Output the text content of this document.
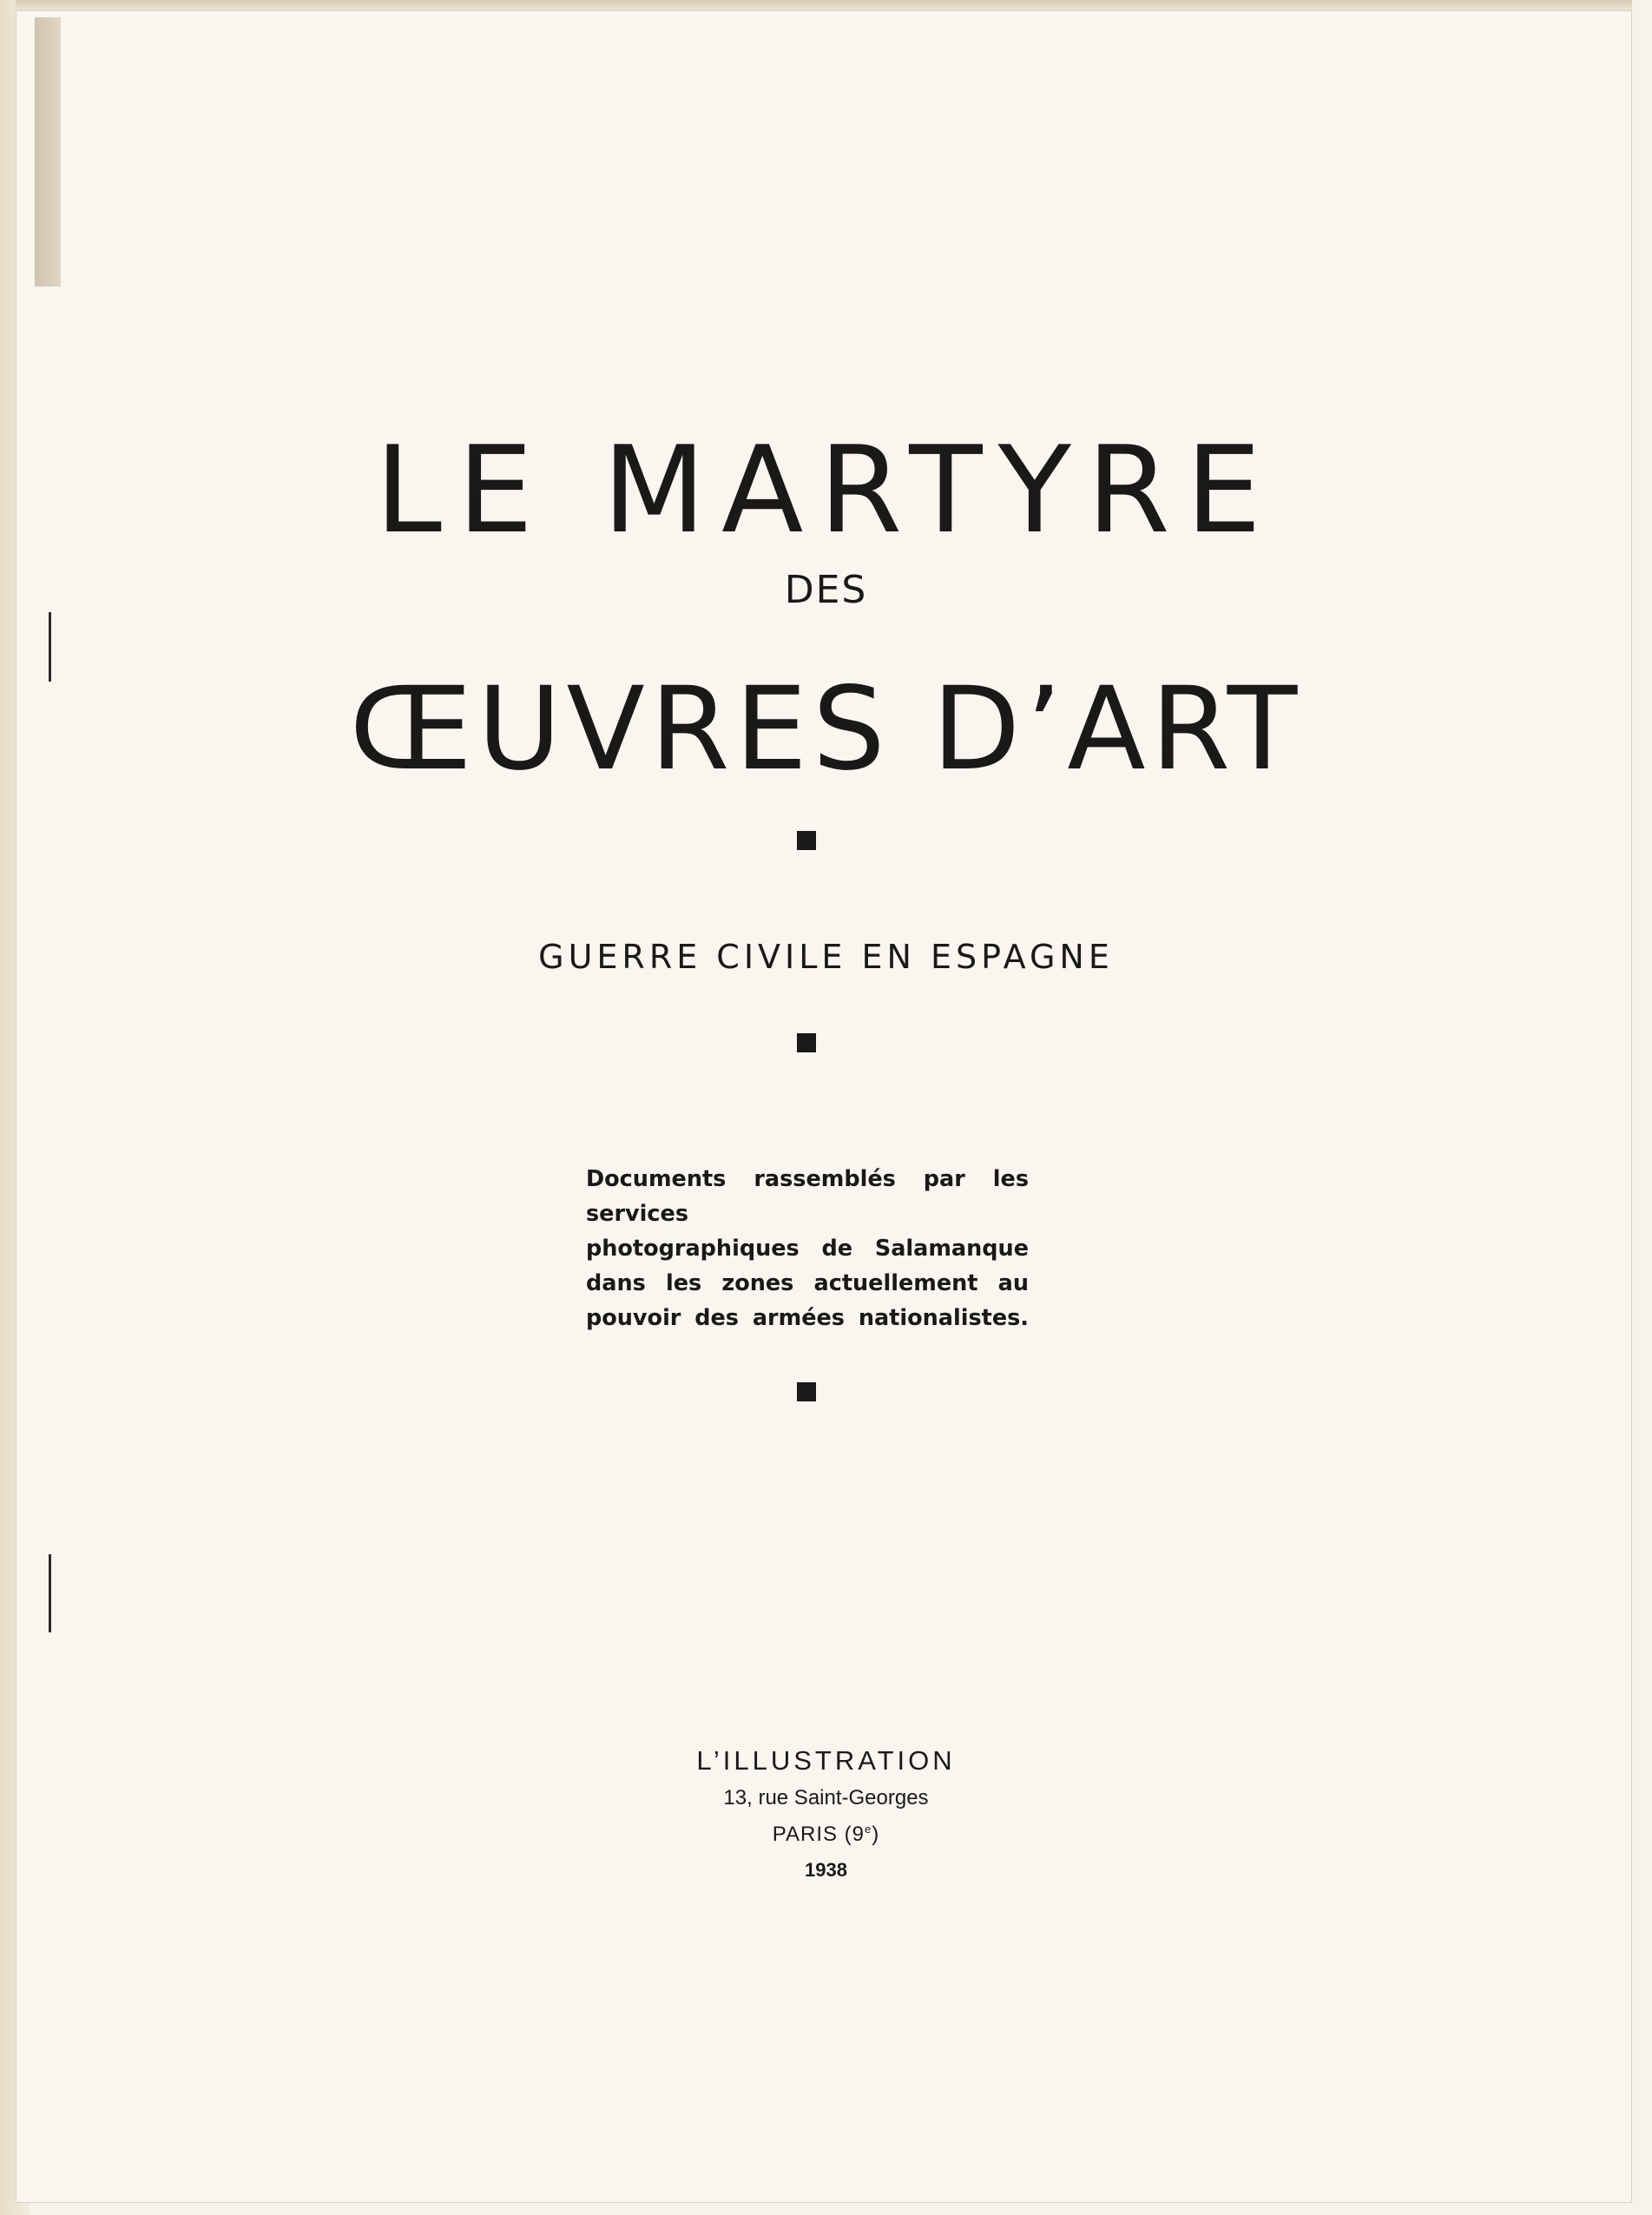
LE MARTYRE
DES
ŒUVRES D’ART
GUERRE CIVILE EN ESPAGNE
Documents rassemblés par les services
photographiques de Salamanque
dans les zones actuellement au
pouvoir des armées nationalistes.
L’ILLUSTRATION
13, rue Saint-Georges
PARIS (9e)
1938
